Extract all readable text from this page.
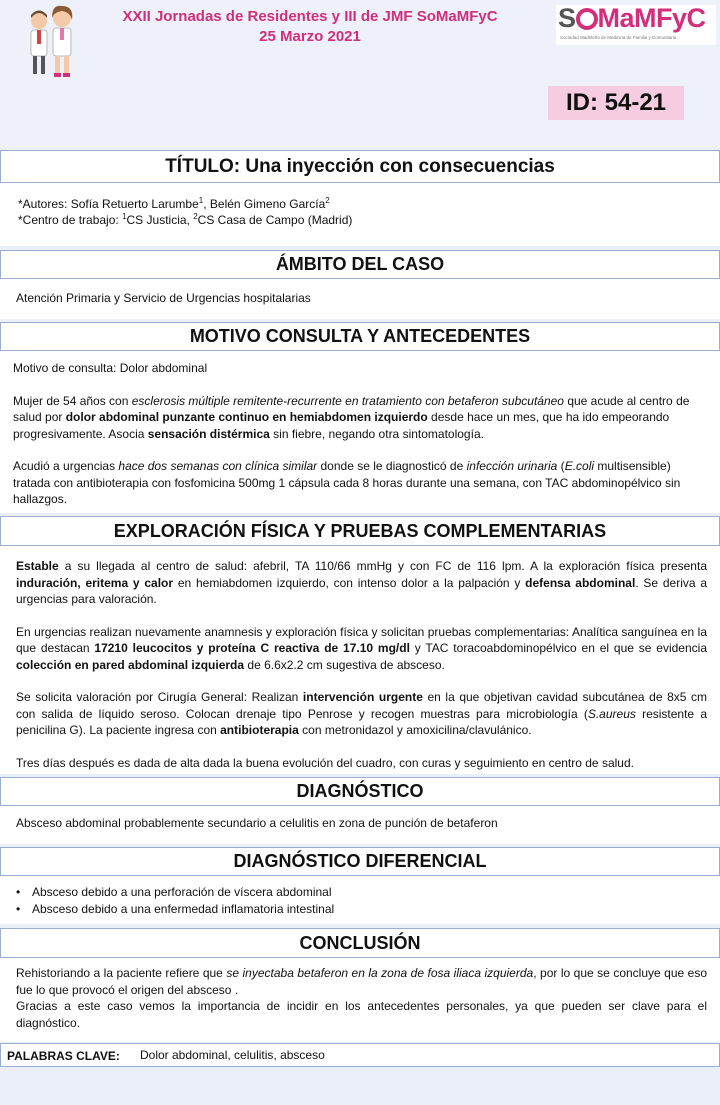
XXII Jornadas de Residentes y III de JMF SoMaMFyC
25 Marzo 2021
S MaMFyC
Sociedad Madrileña de Medicina de Familia y Comunitaria
ID: 54-21
TÍTULO: Una inyección con consecuencias
*Autores: Sofía Retuerto Larumbe$^1$, Belén Gimeno García$^2$
*Centro de trabajo: $^1$CS Justicia, $^2$CS Casa de Campo (Madrid)
ÁMBITO DEL CASO

Atención Primaria y Servicio de Urgencias hospitalarias

MOTIVO CONSULTA Y ANTECEDENTES

Motivo de consulta: Dolor abdominal

Mujer de 54 años con esclerosis múltiple remitente-recurrente en tratamiento con betaferon subcutáneo que acude al centro de salud por dolor abdominal punzante continuo en hemiabdomen izquierdo desde hace un mes, que ha ido empeorando progresivamente. Asocia sensación distérmica sin fiebre, negando otra sintomatología.

Acudió a urgencias hace dos semanas con clínica similar donde se le diagnosticó de infección urinaria (E.coli multisensible) tratada con antibioterapia con fosfomicina 500mg 1 cápsula cada 8 horas durante una semana, con TAC abdominopélvico sin hallazgos.

EXPLORACIÓN FÍSICA Y PRUEBAS COMPLEMENTARIAS

Estable a su llegada al centro de salud: afebril, TA 110/66 mmHg y con FC de 116 lpm. A la exploración física presenta induración, eritema y calor en hemiabdomen izquierdo, con intenso dolor a la palpación y defensa abdominal. Se deriva a urgencias para valoración.

En urgencias realizan nuevamente anamnesis y exploración física y solicitan pruebas complementarias: Analítica sanguínea en la que destacan 17210 leucocitos y proteína C reactiva de 17.10 mg/dl y TAC toracoabdominopélvico en el que se evidencia colección en pared abdominal izquierda de 6.6x2.2 cm sugestiva de absceso.

Se solicita valoración por Cirugía General: Realizan intervención urgente en la que objetivan cavidad subcutánea de 8x5 cm con salida de líquido seroso. Colocan drenaje tipo Penrose y recogen muestras para microbiología (S.aureus resistente a penicilina G). La paciente ingresa con antibioterapia con metronidazol y amoxicilina/clavulánico.

Tres días después es dada de alta dada la buena evolución del cuadro, con curas y seguimiento en centro de salud.

DIAGNÓSTICO

Absceso abdominal probablemente secundario a celulitis en zona de punción de betaferon

DIAGNÓSTICO DIFERENCIAL
• Absceso debido a una perforación de víscera abdominal
• Absceso debido a una enfermedad inflamatoria intestinal
CONCLUSIÓN

Rehistoriando a la paciente refiere que se inyectaba betaferon en la zona de fosa iliaca izquierda, por lo que se concluye que eso fue lo que provocó el origen del absceso .

Gracias a este caso vemos la importancia de incidir en los antecedentes personales, ya que pueden ser clave para el diagnóstico.

PALABRAS CLAVE: Dolor abdominal, celulitis, absceso
